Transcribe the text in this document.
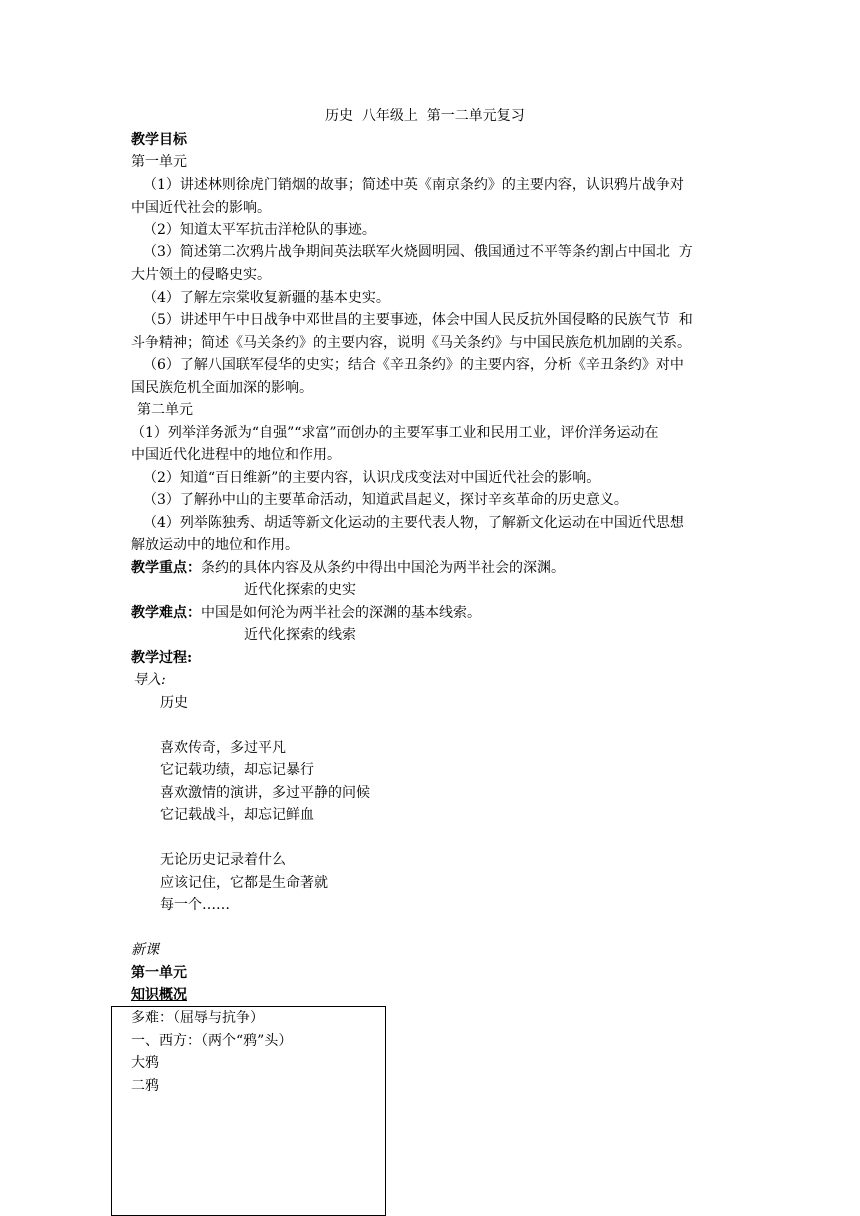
历史  八年级上  第一二单元复习
教学目标
第一单元
（1）讲述林则徐虎门销烟的故事；简述中英《南京条约》的主要内容，认识鸦片战争对
中国近代社会的影响。
（2）知道太平军抗击洋枪队的事迹。
（3）简述第二次鸦片战争期间英法联军火烧圆明园、俄国通过不平等条约割占中国北  方
大片领土的侵略史实。
（4）了解左宗棠收复新疆的基本史实。
（5）讲述甲午中日战争中邓世昌的主要事迹，体会中国人民反抗外国侵略的民族气节  和
斗争精神；简述《马关条约》的主要内容，说明《马关条约》与中国民族危机加剧的关系。
（6）了解八国联军侵华的史实；结合《辛丑条约》的主要内容，分析《辛丑条约》对中
国民族危机全面加深的影响。
第二单元
（1）列举洋务派为“自强”“求富”而创办的主要军事工业和民用工业，评价洋务运动在
中国近代化进程中的地位和作用。
（2）知道“百日维新”的主要内容，认识戊戌变法对中国近代社会的影响。
（3）了解孙中山的主要革命活动，知道武昌起义，探讨辛亥革命的历史意义。
（4）列举陈独秀、胡适等新文化运动的主要代表人物，了解新文化运动在中国近代思想
解放运动中的地位和作用。
教学重点：条约的具体内容及从条约中得出中国沦为两半社会的深渊。
近代化探索的史实
教学难点：中国是如何沦为两半社会的深渊的基本线索。
近代化探索的线索
教学过程:
导入:
历史
喜欢传奇，多过平凡
它记载功绩，却忘记暴行
喜欢激情的演讲，多过平静的问候
它记载战斗，却忘记鲜血
无论历史记录着什么
应该记住，它都是生命著就
每一个……
新课
第一单元
知识概况
多难：（屈辱与抗争）
一、西方：（两个“鸦”头）
大鸦
二鸦
